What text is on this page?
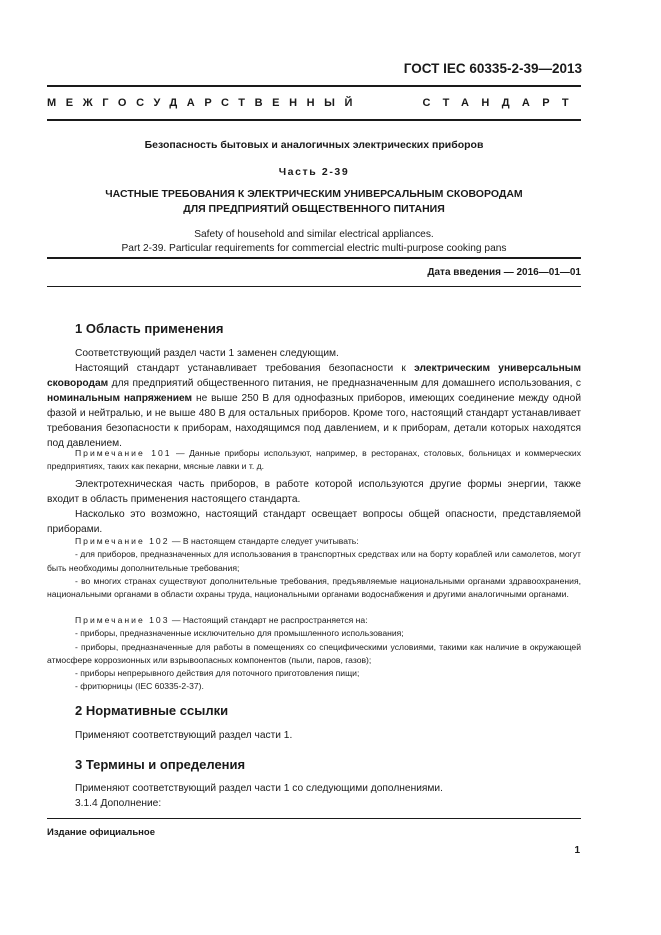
ГОСТ IEC 60335-2-39—2013
МЕЖГОСУДАРСТВЕННЫЙ	СТАНДАРТ
Безопасность бытовых и аналогичных электрических приборов
Часть 2-39
ЧАСТНЫЕ ТРЕБОВАНИЯ К ЭЛЕКТРИЧЕСКИМ УНИВЕРСАЛЬНЫМ СКОВОРОДАМ
ДЛЯ ПРЕДПРИЯТИЙ ОБЩЕСТВЕННОГО ПИТАНИЯ
Safety of household and similar electrical appliances.
Part 2-39. Particular requirements for commercial electric multi-purpose cooking pans
Дата введения — 2016—01—01
1 Область применения

Соответствующий раздел части 1 заменен следующим.

Настоящий стандарт устанавливает требования безопасности к электрическим универсальным сковородам для предприятий общественного питания, не предназначенным для домашнего использования, с номинальным напряжением не выше 250 В для однофазных приборов, имеющих соединение между одной фазой и нейтралью, и не выше 480 В для остальных приборов. Кроме того, настоящий стандарт устанавливает требования безопасности к приборам, находящимся под давлением, и к приборам, детали которых находятся под давлением.

Примечание 101 — Данные приборы используют, например, в ресторанах, столовых, больницах и коммерческих предприятиях, таких как пекарни, мясные лавки и т. д.

Электротехническая часть приборов, в работе которой используются другие формы энергии, также входит в область применения настоящего стандарта.

Насколько это возможно, настоящий стандарт освещает вопросы общей опасности, представляемой приборами.

Примечание 102 — В настоящем стандарте следует учитывать:

- для приборов, предназначенных для использования в транспортных средствах или на борту кораблей или самолетов, могут быть необходимы дополнительные требования;

- во многих странах существуют дополнительные требования, предъявляемые национальными органами здравоохранения, национальными органами в области охраны труда, национальными органами водоснабжения и другими аналогичными органами.

Примечание 103 — Настоящий стандарт не распространяется на:

- приборы, предназначенные исключительно для промышленного использования;

- приборы, предназначенные для работы в помещениях со специфическими условиями, такими как наличие в окружающей атмосфере коррозионных или взрывоопасных компонентов (пыли, паров, газов);

- приборы непрерывного действия для поточного приготовления пищи;

- фритюрницы (IEC 60335-2-37).

2 Нормативные ссылки

Применяют соответствующий раздел части 1.

3 Термины и определения

Применяют соответствующий раздел части 1 со следующими дополнениями.

3.1.4 Дополнение:

Издание официальное
1
